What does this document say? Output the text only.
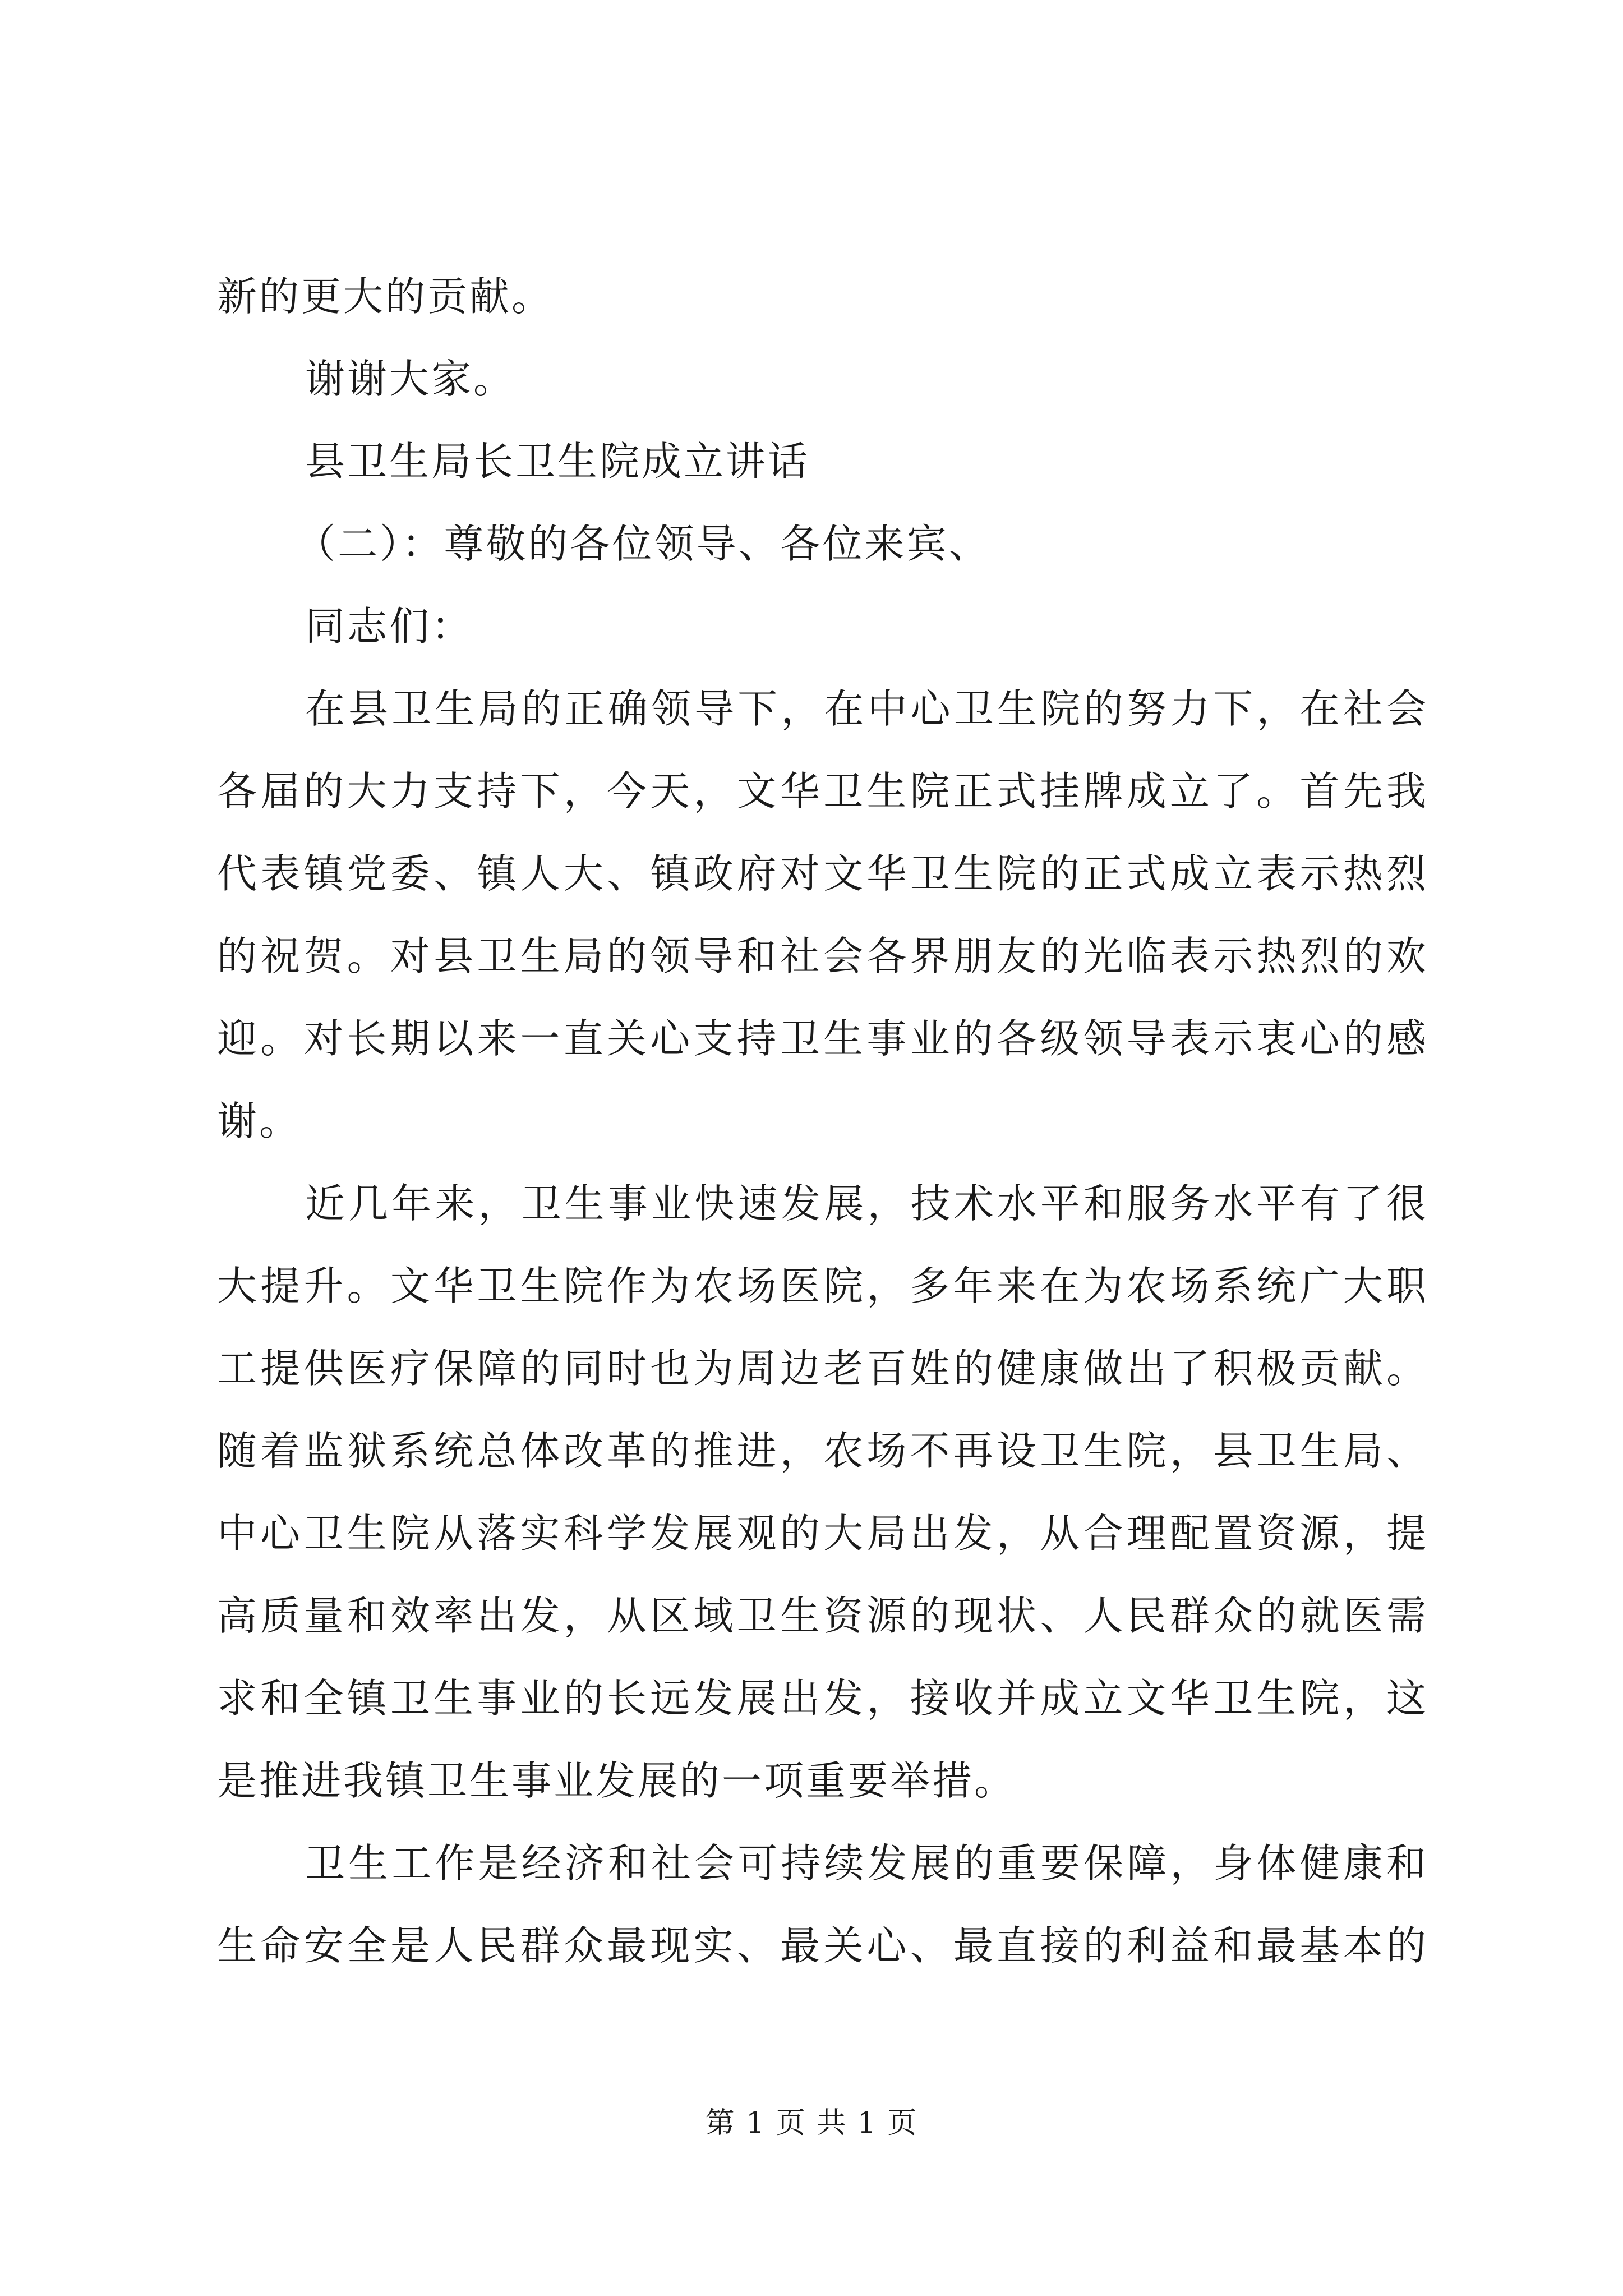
新的更大的贡献。
谢谢大家。
县卫生局长卫生院成立讲话
（二）：尊敬的各位领导、各位来宾、
同志们：
在县卫生局的正确领导下，在中心卫生院的努力下，在社会
各届的大力支持下，今天，文华卫生院正式挂牌成立了。首先我
代表镇党委、镇人大、镇政府对文华卫生院的正式成立表示热烈
的祝贺。对县卫生局的领导和社会各界朋友的光临表示热烈的欢
迎。对长期以来一直关心支持卫生事业的各级领导表示衷心的感
谢。
近几年来，卫生事业快速发展，技术水平和服务水平有了很
大提升。文华卫生院作为农场医院，多年来在为农场系统广大职
工提供医疗保障的同时也为周边老百姓的健康做出了积极贡献。
随着监狱系统总体改革的推进，农场不再设卫生院，县卫生局、
中心卫生院从落实科学发展观的大局出发，从合理配置资源，提
高质量和效率出发，从区域卫生资源的现状、人民群众的就医需
求和全镇卫生事业的长远发展出发，接收并成立文华卫生院，这
是推进我镇卫生事业发展的一项重要举措。
卫生工作是经济和社会可持续发展的重要保障，身体健康和
生命安全是人民群众最现实、最关心、最直接的利益和最基本的
第 1 页 共 1 页
